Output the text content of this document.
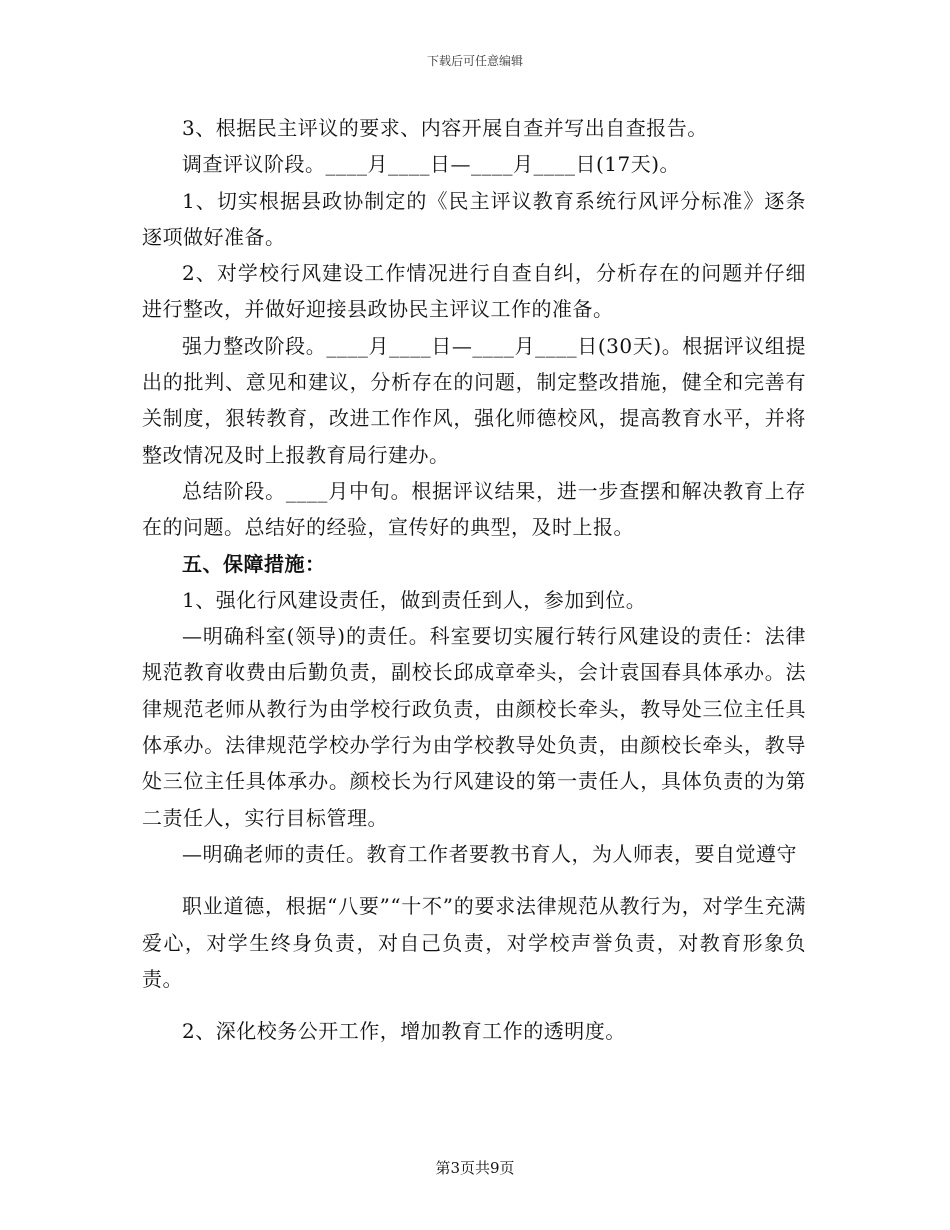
下载后可任意编辑

3、根据民主评议的要求、内容开展自查并写出自查报告。

调查评议阶段。____月____日—____月____日(17天)。

1、切实根据县政协制定的《民主评议教育系统行风评分标准》逐条逐项做好准备。

2、对学校行风建设工作情况进行自查自纠，分析存在的问题并仔细进行整改，并做好迎接县政协民主评议工作的准备。

强力整改阶段。____月____日—____月____日(30天)。根据评议组提出的批判、意见和建议，分析存在的问题，制定整改措施，健全和完善有关制度，狠转教育，改进工作作风，强化师德校风，提高教育水平，并将整改情况及时上报教育局行建办。

总结阶段。____月中旬。根据评议结果，进一步查摆和解决教育上存在的问题。总结好的经验，宣传好的典型，及时上报。

五、保障措施：

1、强化行风建设责任，做到责任到人，参加到位。

—明确科室(领导)的责任。科室要切实履行转行风建设的责任：法律规范教育收费由后勤负责，副校长邱成章牵头，会计袁国春具体承办。法律规范老师从教行为由学校行政负责，由颜校长牵头，教导处三位主任具体承办。法律规范学校办学行为由学校教导处负责，由颜校长牵头，教导处三位主任具体承办。颜校长为行风建设的第一责任人，具体负责的为第二责任人，实行目标管理。

—明确老师的责任。教育工作者要教书育人，为人师表，要自觉遵守

职业道德，根据“八要”“十不”的要求法律规范从教行为，对学生充满爱心，对学生终身负责，对自己负责，对学校声誉负责，对教育形象负责。

2、深化校务公开工作，增加教育工作的透明度。

第3页共9页
